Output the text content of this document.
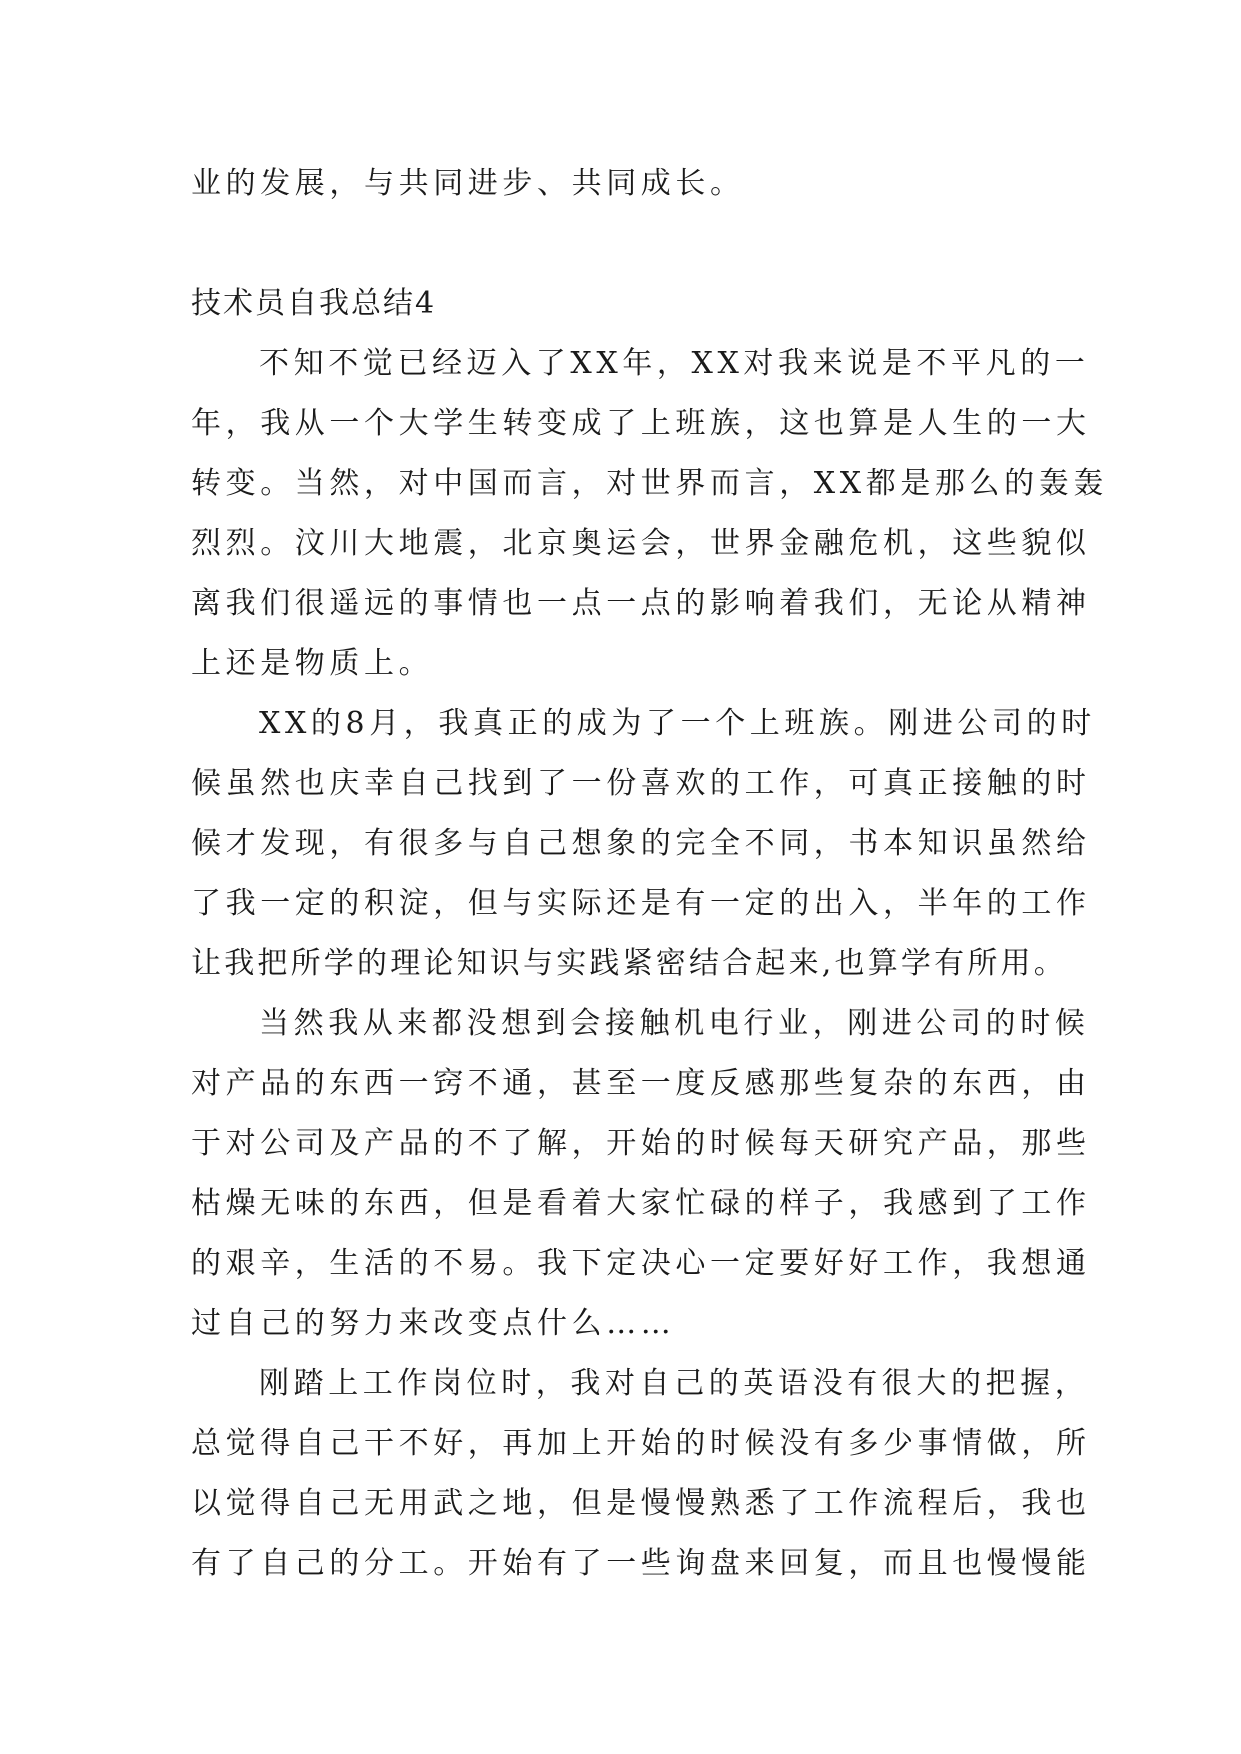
业的发展，与共同进步、共同成长。
技术员自我总结4
不知不觉已经迈入了XX年，XX对我来说是不平凡的一
年，我从一个大学生转变成了上班族，这也算是人生的一大
转变。当然，对中国而言，对世界而言，XX都是那么的轰轰
烈烈。汶川大地震，北京奥运会，世界金融危机，这些貌似
离我们很遥远的事情也一点一点的影响着我们，无论从精神
上还是物质上。
XX的8月，我真正的成为了一个上班族。刚进公司的时
候虽然也庆幸自己找到了一份喜欢的工作，可真正接触的时
候才发现，有很多与自己想象的完全不同，书本知识虽然给
了我一定的积淀，但与实际还是有一定的出入，半年的工作
让我把所学的理论知识与实践紧密结合起来,也算学有所用。
当然我从来都没想到会接触机电行业，刚进公司的时候
对产品的东西一窍不通，甚至一度反感那些复杂的东西，由
于对公司及产品的不了解，开始的时候每天研究产品，那些
枯燥无味的东西，但是看着大家忙碌的样子，我感到了工作
的艰辛，生活的不易。我下定决心一定要好好工作，我想通
过自己的努力来改变点什么……
刚踏上工作岗位时，我对自己的英语没有很大的把握，
总觉得自己干不好，再加上开始的时候没有多少事情做，所
以觉得自己无用武之地，但是慢慢熟悉了工作流程后，我也
有了自己的分工。开始有了一些询盘来回复，而且也慢慢能
